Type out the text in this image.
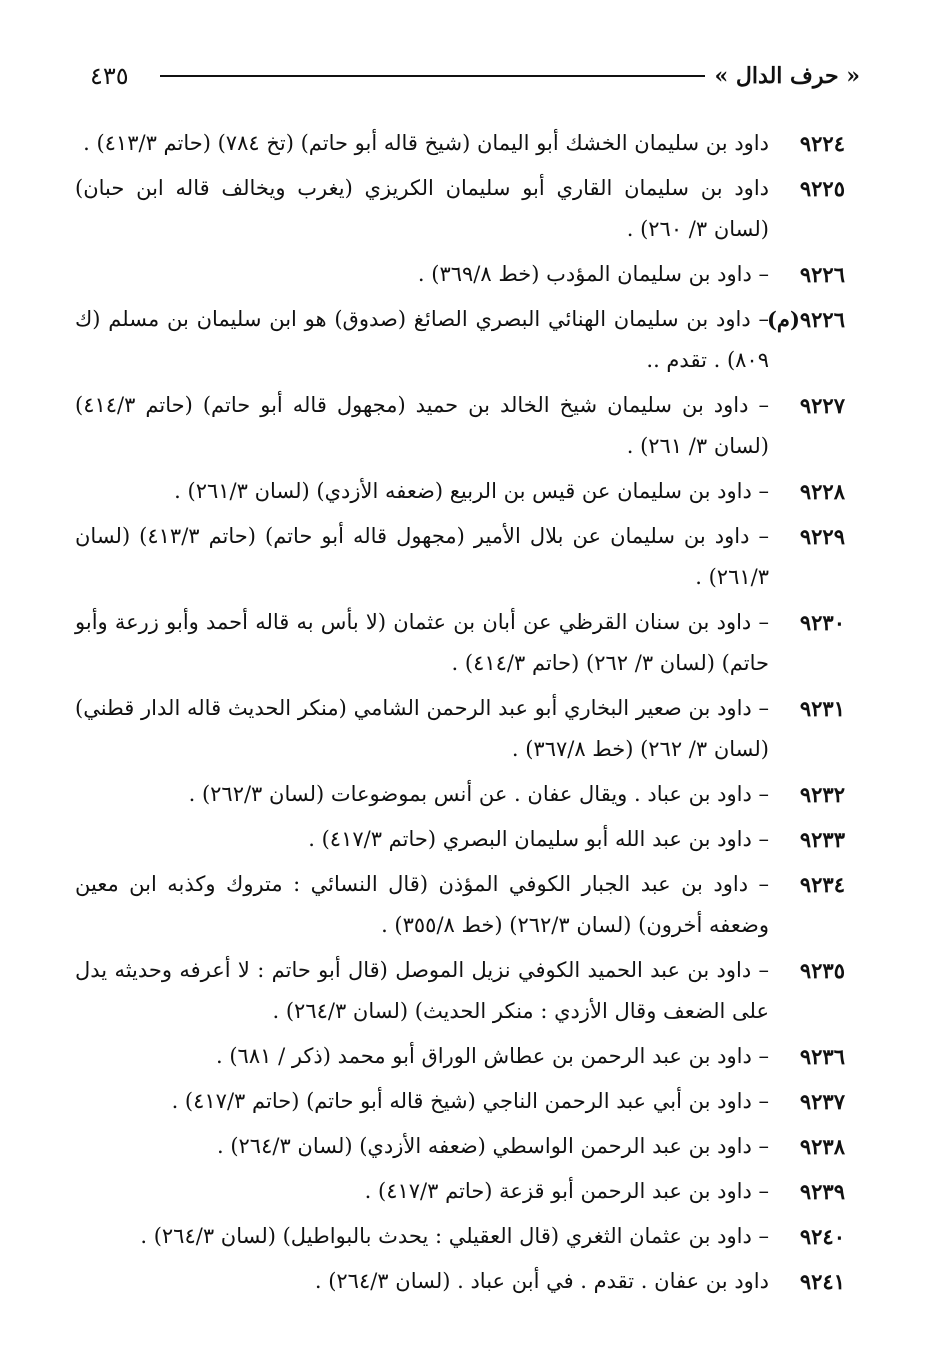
٤٣٥	« حرف الدال »
٩٢٢٤
داود بن سليمان الخشك أبو اليمان (شيخ قاله أبو حاتم) (تخ ٧٨٤) (حاتم ٤١٣/٣) .
٩٢٢٥
داود بن سليمان القاري أبو سليمان الكريزي (يغرب ويخالف قاله ابن حبان) (لسان ٣/ ٢٦٠) .
٩٢٢٦
– داود بن سليمان المؤدب (خط ٣٦٩/٨) .
٩٢٢٦(م)
– داود بن سليمان الهنائي البصري الصائغ (صدوق) هو ابن سليمان بن مسلم (ك ٨٠٩) . تقدم ..
٩٢٢٧
– داود بن سليمان شيخ الخالد بن حميد (مجهول قاله أبو حاتم) (حاتم ٤١٤/٣) (لسان ٣/ ٢٦١) .
٩٢٢٨
– داود بن سليمان عن قيس بن الربيع (ضعفه الأزدي) (لسان ٢٦١/٣) .
٩٢٢٩
– داود بن سليمان عن بلال الأمير (مجهول قاله أبو حاتم) (حاتم ٤١٣/٣) (لسان ٢٦١/٣) .
٩٢٣٠
– داود بن سنان القرظي عن أبان بن عثمان (لا بأس به قاله أحمد وأبو زرعة وأبو حاتم) (لسان ٣/ ٢٦٢) (حاتم ٤١٤/٣) .
٩٢٣١
– داود بن صعير البخاري أبو عبد الرحمن الشامي (منكر الحديث قاله الدار قطني) (لسان ٣/ ٢٦٢) (خط ٣٦٧/٨) .
٩٢٣٢
– داود بن عباد . ويقال عفان . عن أنس بموضوعات (لسان ٢٦٢/٣) .
٩٢٣٣
– داود بن عبد الله أبو سليمان البصري (حاتم ٤١٧/٣) .
٩٢٣٤
– داود بن عبد الجبار الكوفي المؤذن (قال النسائي : متروك وكذبه ابن معين وضعفه أخرون) (لسان ٢٦٢/٣) (خط ٣٥٥/٨) .
٩٢٣٥
– داود بن عبد الحميد الكوفي نزيل الموصل (قال أبو حاتم : لا أعرفه وحديثه يدل على الضعف وقال الأزدي : منكر الحديث) (لسان ٢٦٤/٣) .
٩٢٣٦
– داود بن عبد الرحمن بن عطاش الوراق أبو محمد (ذكر / ٦٨١) .
٩٢٣٧
– داود بن أبي عبد الرحمن الناجي (شيخ قاله أبو حاتم) (حاتم ٤١٧/٣) .
٩٢٣٨
– داود بن عبد الرحمن الواسطي (ضعفه الأزدي) (لسان ٢٦٤/٣) .
٩٢٣٩
– داود بن عبد الرحمن أبو قزعة (حاتم ٤١٧/٣) .
٩٢٤٠
– داود بن عثمان الثغري (قال العقيلي : يحدث بالبواطيل) (لسان ٢٦٤/٣) .
٩٢٤١
داود بن عفان . تقدم . في أبن عباد . (لسان ٢٦٤/٣) .
